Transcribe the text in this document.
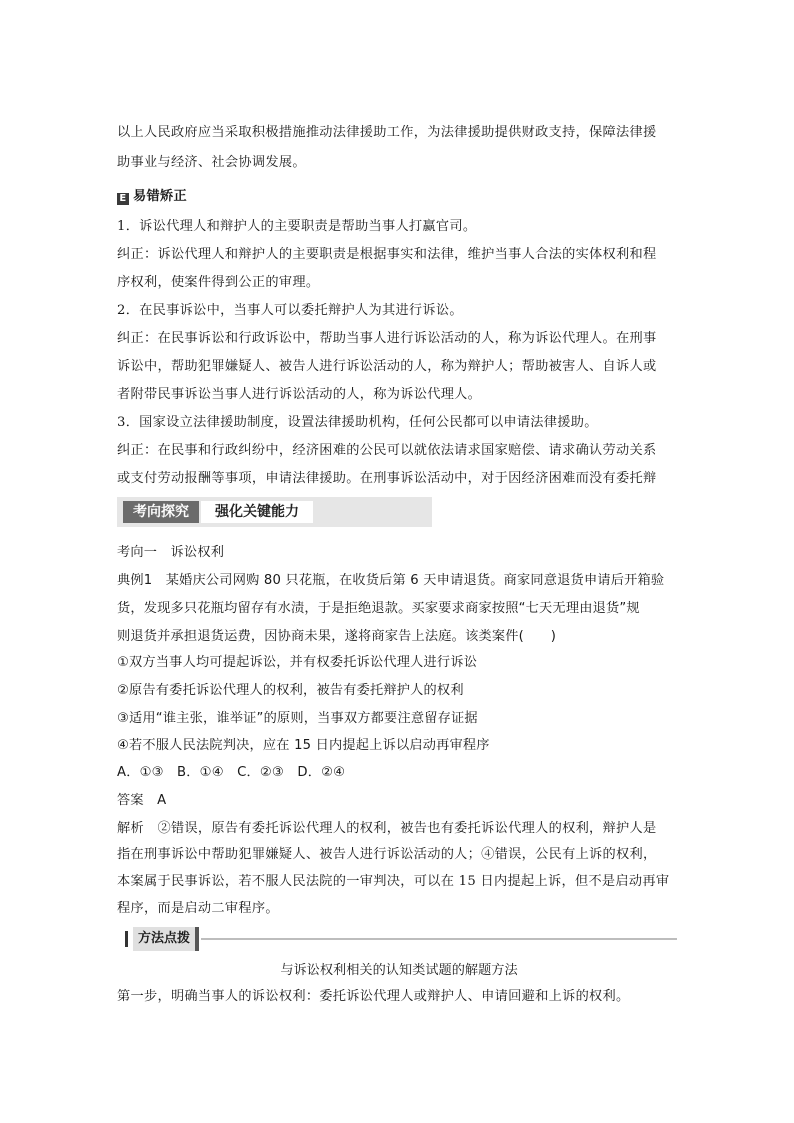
以上人民政府应当采取积极措施推动法律援助工作，为法律援助提供财政支持，保障法律援

助事业与经济、社会协调发展。

E 易错矫正

1．诉讼代理人和辩护人的主要职责是帮助当事人打赢官司。

纠正：诉讼代理人和辩护人的主要职责是根据事实和法律，维护当事人合法的实体权利和程

序权利，使案件得到公正的审理。

2．在民事诉讼中，当事人可以委托辩护人为其进行诉讼。

纠正：在民事诉讼和行政诉讼中，帮助当事人进行诉讼活动的人，称为诉讼代理人。在刑事

诉讼中，帮助犯罪嫌疑人、被告人进行诉讼活动的人，称为辩护人；帮助被害人、自诉人或

者附带民事诉讼当事人进行诉讼活动的人，称为诉讼代理人。

3．国家设立法律援助制度，设置法律援助机构，任何公民都可以申请法律援助。

纠正：在民事和行政纠纷中，经济困难的公民可以就依法请求国家赔偿、请求确认劳动关系

或支付劳动报酬等事项，申请法律援助。在刑事诉讼活动中，对于因经济困难而没有委托辩

考向探究	强化关键能力

考向一　诉讼权利

典例1　某婚庆公司网购 80 只花瓶，在收货后第 6 天申请退货。商家同意退货申请后开箱验

货，发现多只花瓶均留存有水渍，于是拒绝退款。买家要求商家按照“七天无理由退货”规

则退货并承担退货运费，因协商未果，遂将商家告上法庭。该类案件(　　)

①双方当事人均可提起诉讼，并有权委托诉讼代理人进行诉讼

②原告有委托诉讼代理人的权利，被告有委托辩护人的权利

③适用“谁主张，谁举证”的原则，当事双方都要注意留存证据

④若不服人民法院判决，应在 15 日内提起上诉以启动再审程序

A．①③　B．①④　C．②③　D．②④

答案　A

解析　②错误，原告有委托诉讼代理人的权利，被告也有委托诉讼代理人的权利，辩护人是

指在刑事诉讼中帮助犯罪嫌疑人、被告人进行诉讼活动的人；④错误，公民有上诉的权利，

本案属于民事诉讼，若不服人民法院的一审判决，可以在 15 日内提起上诉，但不是启动再审

程序，而是启动二审程序。

方法点拨
与诉讼权利相关的认知类试题的解题方法

第一步，明确当事人的诉讼权利：委托诉讼代理人或辩护人、申请回避和上诉的权利。
